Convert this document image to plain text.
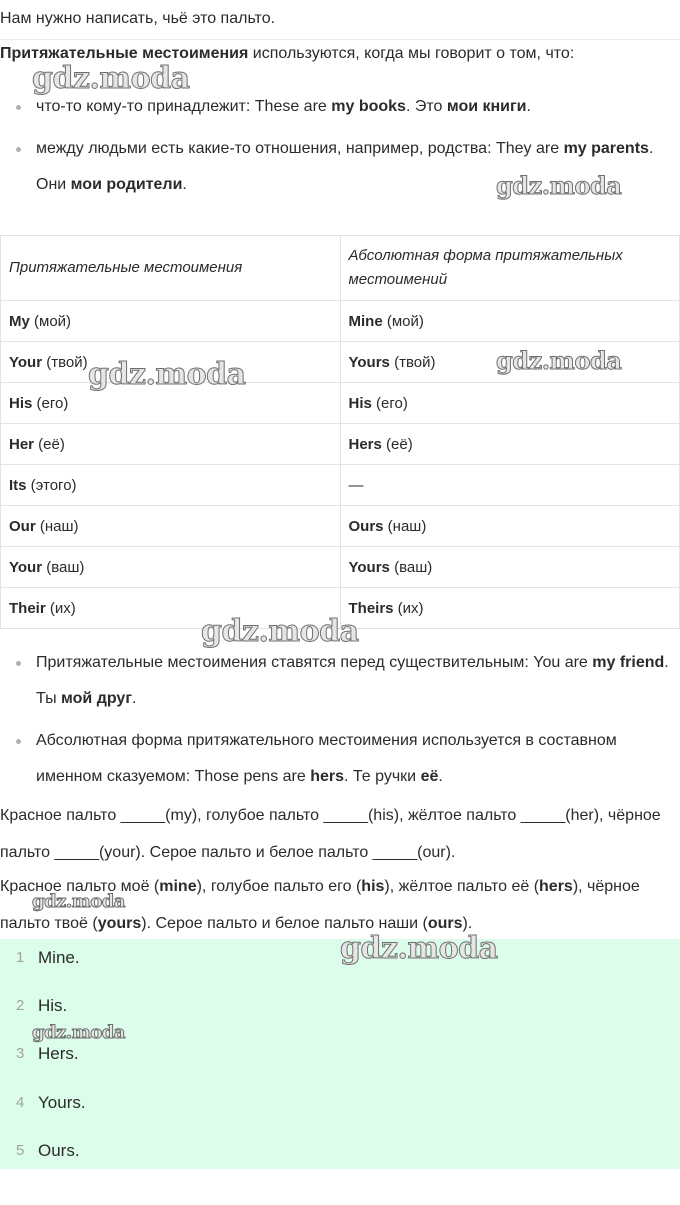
Нам нужно написать, чьё это пальто.

Притяжательные местоимения используются, когда мы говорит о том, что:

что-то кому-то принадлежит: These are my books. Это мои книги.
между людьми есть какие-то отношения, например, родства: They are my parents. Они мои родители.
Притяжательные местоимения	Абсолютная форма притяжательных местоимений
My (мой)	Mine (мой)
Your (твой)	Yours (твой)
His (его)	His (его)
Her (её)	Hers (её)
Its (этого)	—
Our (наш)	Ours (наш)
Your (ваш)	Yours (ваш)
Their (их)	Theirs (их)
Притяжательные местоимения ставятся перед существительным: You are my friend. Ты мой друг.
Абсолютная форма притяжательного местоимения используется в составном именном сказуемом: Those pens are hers. Те ручки её.

Красное пальто _____(my), голубое пальто _____(his), жёлтое пальто _____(her), чёрное пальто _____(your). Серое пальто и белое пальто _____(our).

Красное пальто моё (mine), голубое пальто его (his), жёлтое пальто её (hers), чёрное пальто твоё (yours). Серое пальто и белое пальто наши (ours).

1 Mine.
2 His.
3 Hers.
4 Yours.
5 Ours.
gdz.moda
gdz.moda
gdz.moda	gdz.moda
gdz.moda
gdz.moda
gdz.moda
gdz.moda
